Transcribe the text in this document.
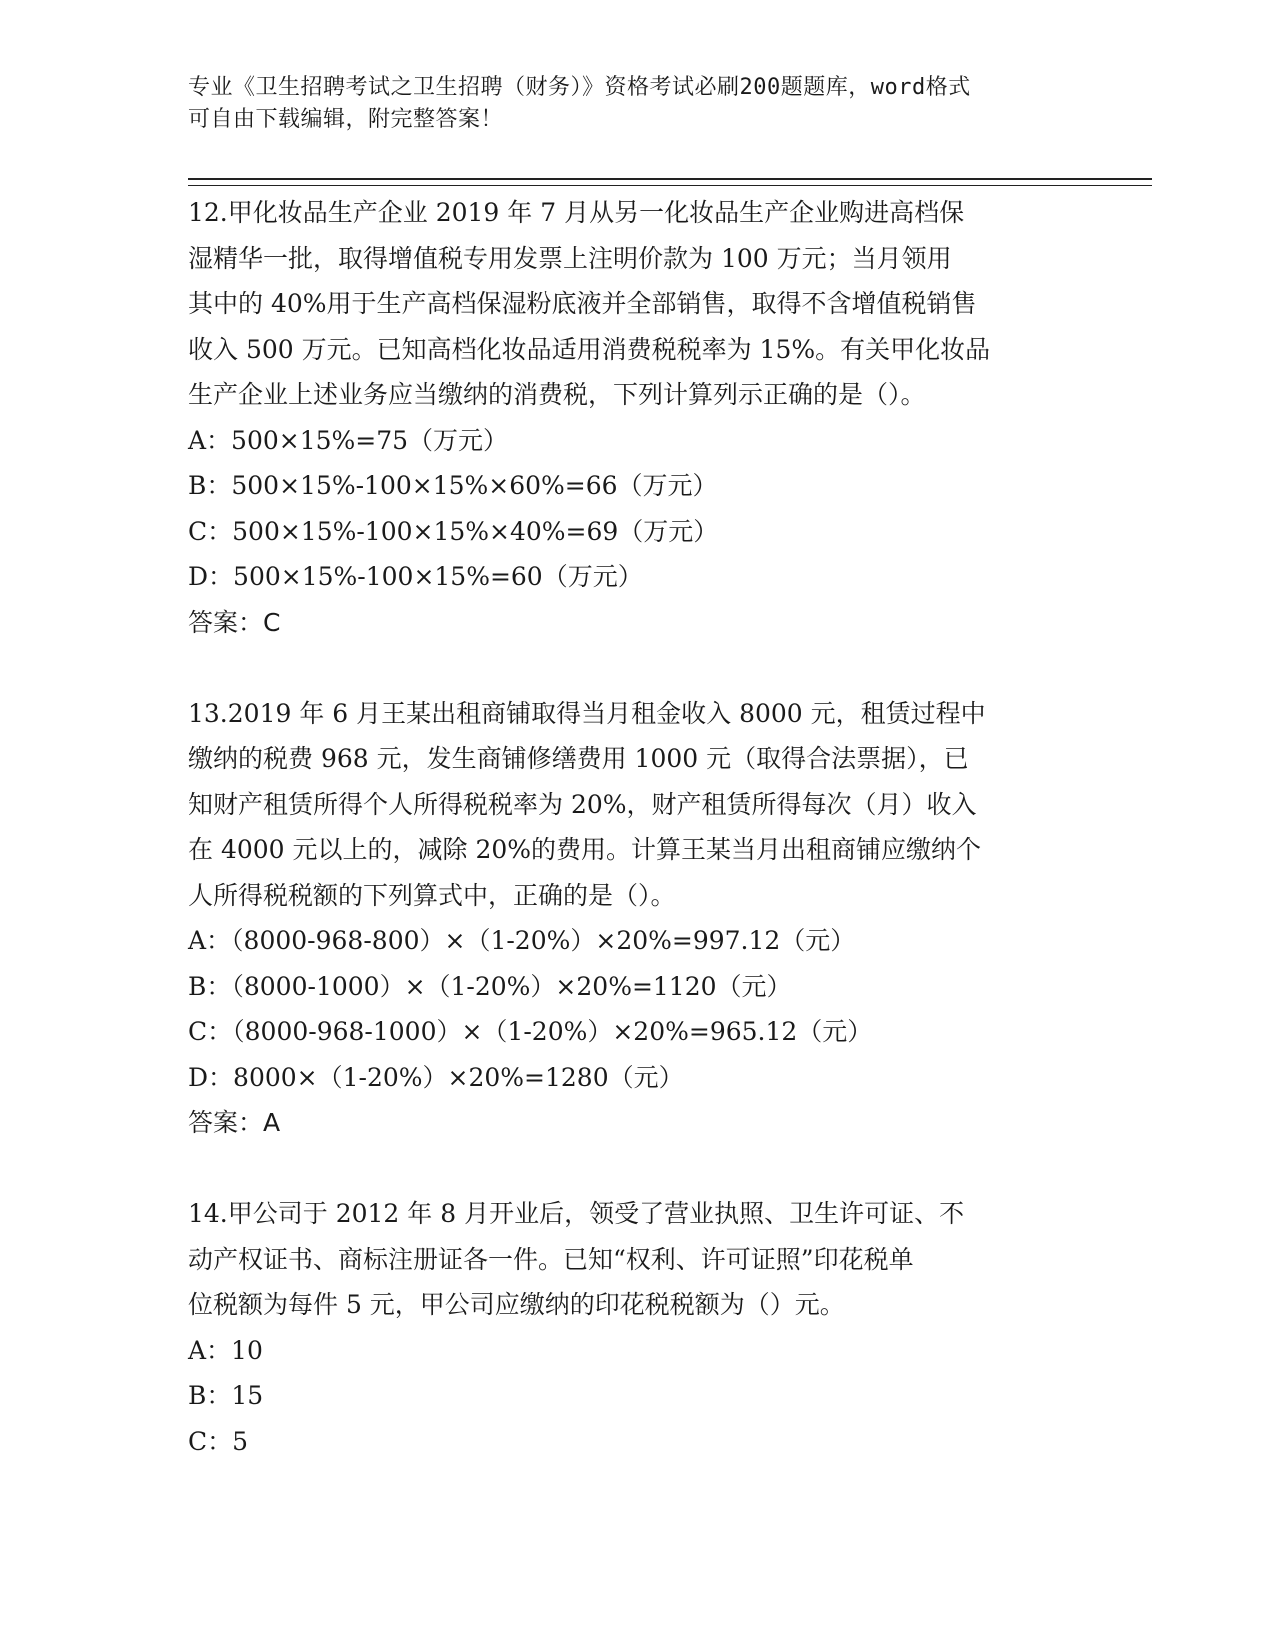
专业《卫生招聘考试之卫生招聘（财务）》资格考试必刷200题题库，word格式
可自由下载编辑，附完整答案！
12.甲化妆品生产企业 2019 年 7 月从另一化妆品生产企业购进高档保
湿精华一批，取得增值税专用发票上注明价款为 100 万元；当月领用
其中的 40%用于生产高档保湿粉底液并全部销售，取得不含增值税销售
收入 500 万元。已知高档化妆品适用消费税税率为 15%。有关甲化妆品
生产企业上述业务应当缴纳的消费税，下列计算列示正确的是（）。
A：500×15%=75（万元）
B：500×15%-100×15%×60%=66（万元）
C：500×15%-100×15%×40%=69（万元）
D：500×15%-100×15%=60（万元）
答案：C
13.2019 年 6 月王某出租商铺取得当月租金收入 8000 元，租赁过程中
缴纳的税费 968 元，发生商铺修缮费用 1000 元（取得合法票据），已
知财产租赁所得个人所得税税率为 20%，财产租赁所得每次（月）收入
在 4000 元以上的，减除 20%的费用。计算王某当月出租商铺应缴纳个
人所得税税额的下列算式中，正确的是（）。
A：（8000-968-800）×（1-20%）×20%=997.12（元）
B：（8000-1000）×（1-20%）×20%=1120（元）
C：（8000-968-1000）×（1-20%）×20%=965.12（元）
D：8000×（1-20%）×20%=1280（元）
答案：A
14.甲公司于 2012 年 8 月开业后，领受了营业执照、卫生许可证、不
动产权证书、商标注册证各一件。已知“权利、许可证照”印花税单
位税额为每件 5 元，甲公司应缴纳的印花税税额为（）元。
A：10
B：15
C：5
